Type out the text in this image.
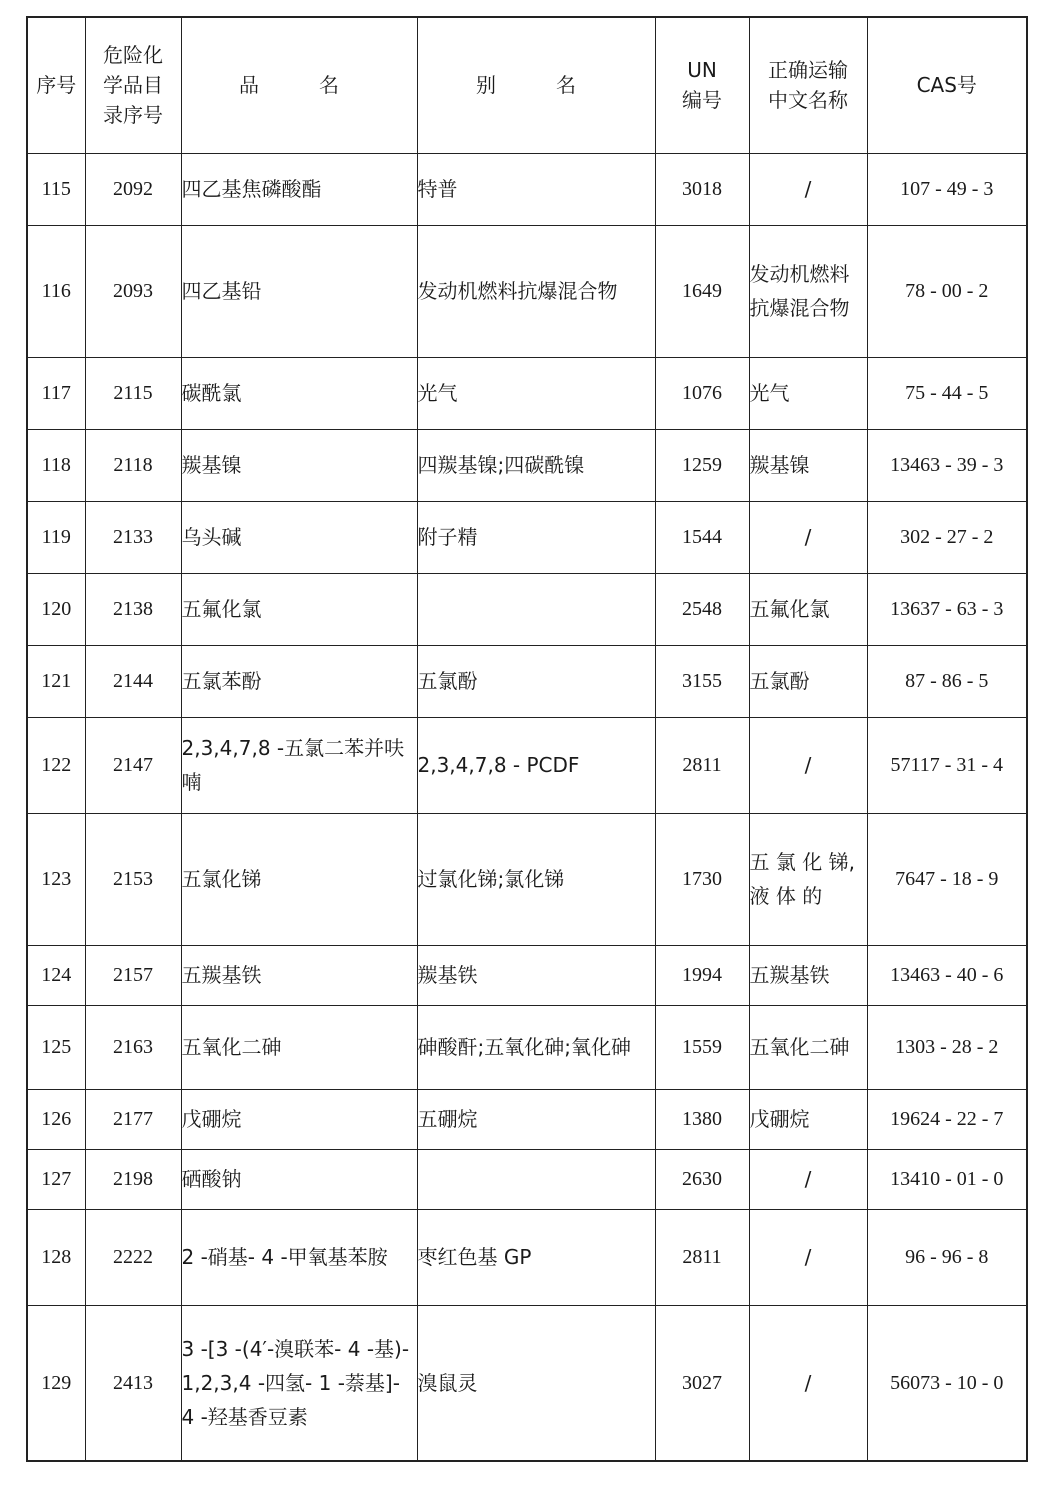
序号	危险化学品目录序号	品名	别名	UN编号	正确运输中文名称	CAS号

115	2092	四乙基焦磷酸酯	特普	3018	/	107 - 49 - 3

116	2093	四乙基铅	发动机燃料抗爆混合物	1649	发动机燃料抗爆混合物	78 - 00 - 2

117	2115	碳酰氯	光气	1076	光气	75 - 44 - 5

118	2118	羰基镍	四羰基镍;四碳酰镍	1259	羰基镍	13463 - 39 - 3

119	2133	乌头碱	附子精	1544	/	302 - 27 - 2

120	2138	五氟化氯		2548	五氟化氯	13637 - 63 - 3

121	2144	五氯苯酚	五氯酚	3155	五氯酚	87 - 86 - 5

122	2147	2,3,4,7,8 -五氯二苯并呋喃	2,3,4,7,8 - PCDF	2811	/	57117 - 31 - 4

123	2153	五氯化锑	过氯化锑;氯化锑	1730	五 氯 化 锑,液 体 的	7647 - 18 - 9

124	2157	五羰基铁	羰基铁	1994	五羰基铁	13463 - 40 - 6

125	2163	五氧化二砷	砷酸酐;五氧化砷;氧化砷	1559	五氧化二砷	1303 - 28 - 2

126	2177	戊硼烷	五硼烷	1380	戊硼烷	19624 - 22 - 7

127	2198	硒酸钠		2630	/	13410 - 01 - 0

128	2222	2 -硝基- 4 -甲氧基苯胺	枣红色基 GP	2811	/	96 - 96 - 8

129	2413	3 -[3 -(4′-溴联苯- 4 -基)- 1,2,3,4 -四氢- 1 -萘基]- 4 -羟基香豆素	溴鼠灵	3027	/	56073 - 10 - 0
